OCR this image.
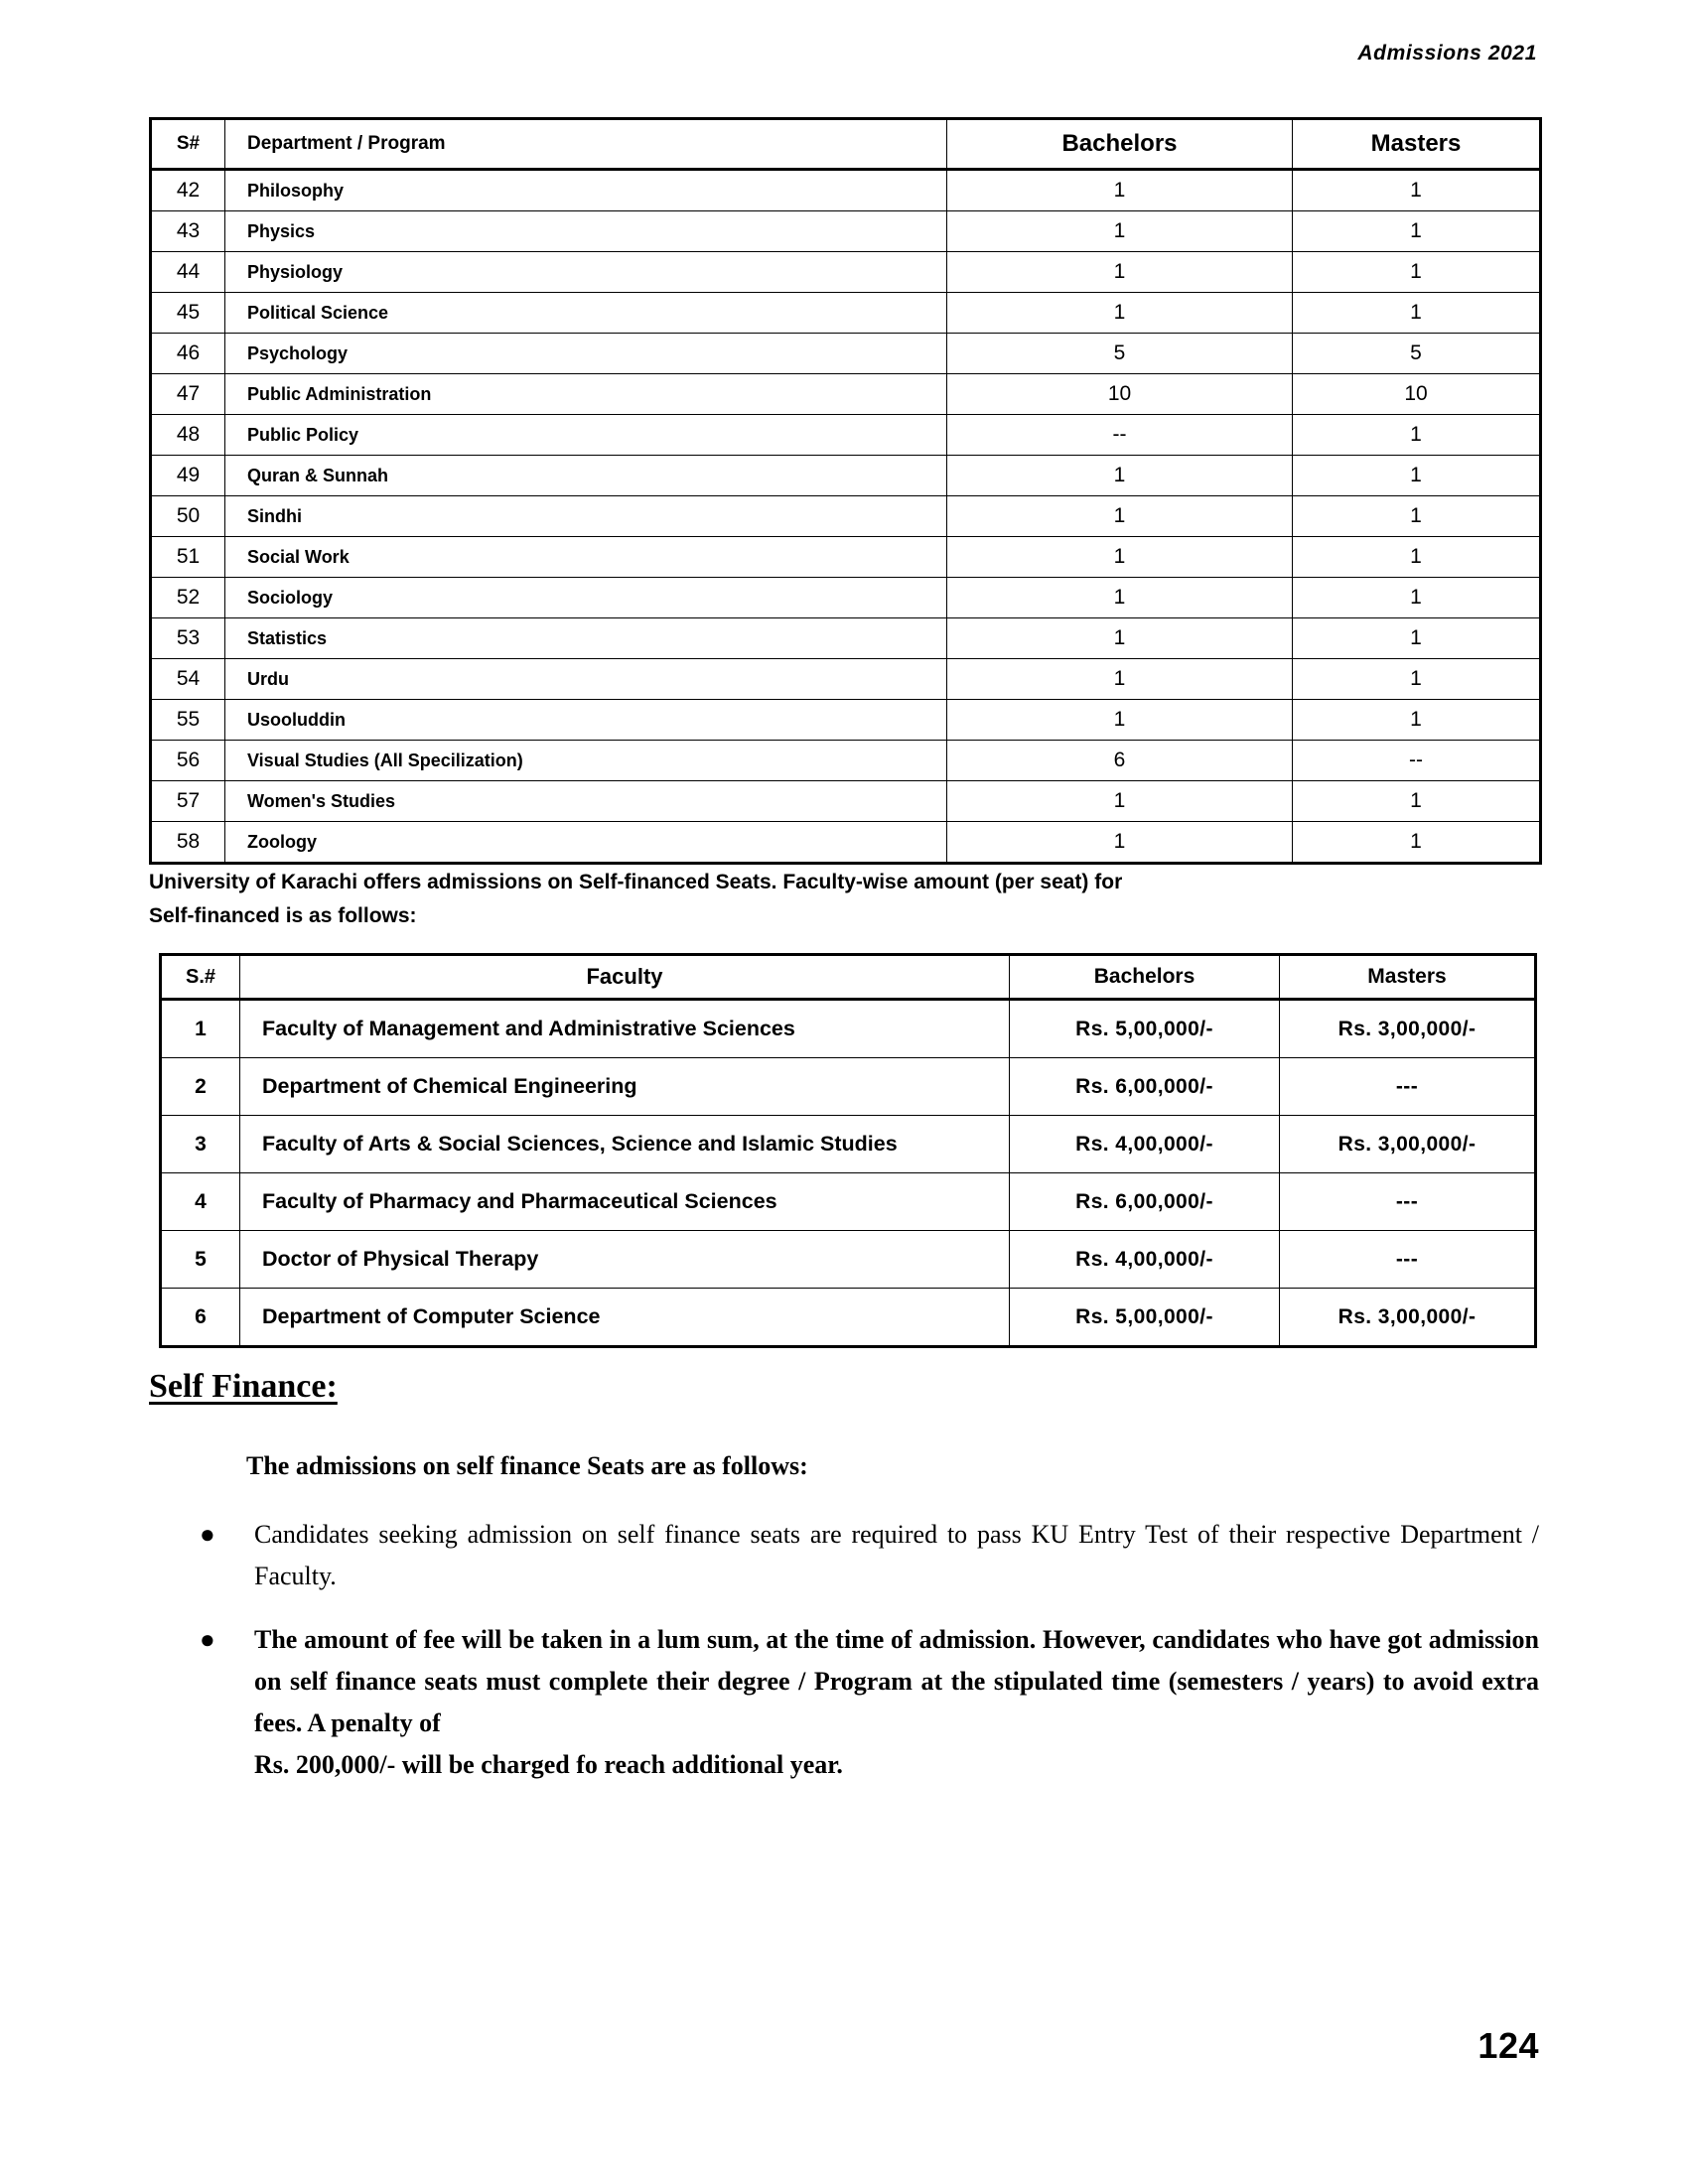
Admissions 2021
S#	Department / Program	Bachelors	Masters
42	Philosophy	1	1
43	Physics	1	1
44	Physiology	1	1
45	Political Science	1	1
46	Psychology	5	5
47	Public Administration	10	10
48	Public Policy	--	1
49	Quran & Sunnah	1	1
50	Sindhi	1	1
51	Social Work	1	1
52	Sociology	1	1
53	Statistics	1	1
54	Urdu	1	1
55	Usooluddin	1	1
56	Visual Studies (All Specilization)	6	--
57	Women's Studies	1	1
58	Zoology	1	1
University of Karachi offers admissions on Self-financed Seats. Faculty-wise amount (per seat) for
Self-financed is as follows:
S.#	Faculty	Bachelors	Masters
1	Faculty of Management and Administrative Sciences	Rs. 5,00,000/-	Rs. 3,00,000/-
2	Department of Chemical Engineering	Rs. 6,00,000/-	---
3	Faculty of Arts & Social Sciences, Science and Islamic Studies	Rs. 4,00,000/-	Rs. 3,00,000/-
4	Faculty of Pharmacy and Pharmaceutical Sciences	Rs. 6,00,000/-	---
5	Doctor of Physical Therapy	Rs. 4,00,000/-	---
6	Department of Computer Science	Rs. 5,00,000/-	Rs. 3,00,000/-
Self Finance:
The admissions on self finance Seats are as follows:
●	Candidates seeking admission on self finance seats are required to pass KU Entry Test of their respective Department / Faculty.
●	The amount of fee will be taken in a lum sum, at the time of admission. However, candidates who have got admission on self finance seats must complete their degree / Program at the stipulated time (semesters / years) to avoid extra fees. A penalty of
Rs. 200,000/- will be charged fo reach additional year.
124
